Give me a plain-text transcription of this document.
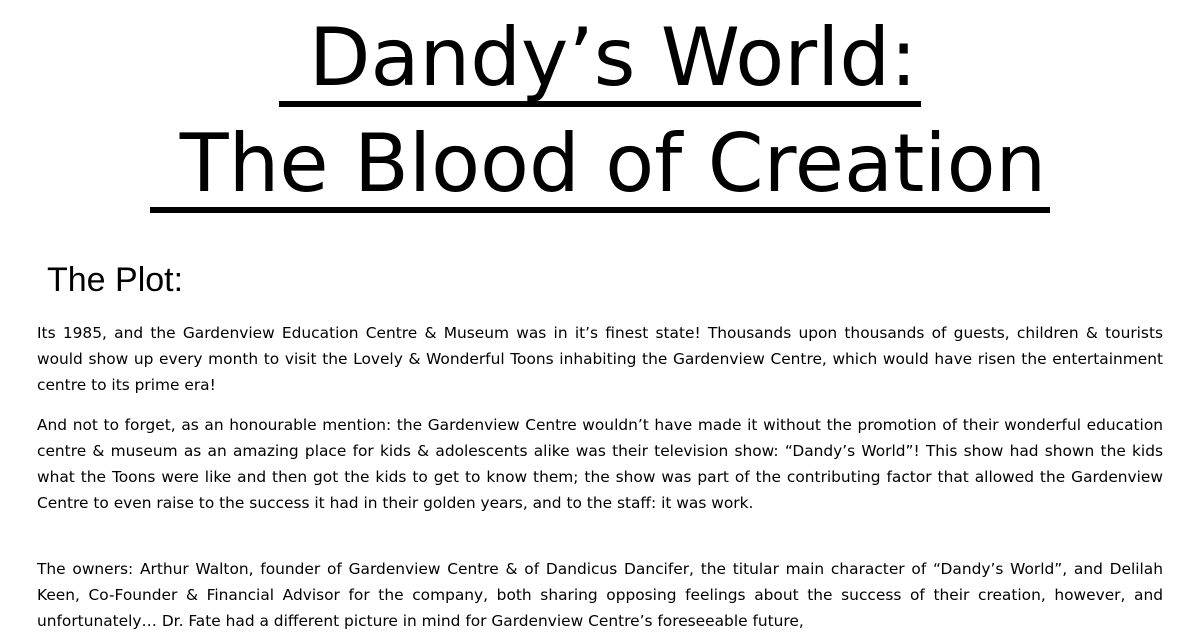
Dandy’s World:
The Blood of Creation
The Plot:

Its 1985, and the Gardenview Education Centre & Museum was in it’s finest state! Thousands upon thousands of guests, children & tourists would show up every month to visit the Lovely & Wonderful Toons inhabiting the Gardenview Centre, which would have risen the entertainment centre to its prime era!

And not to forget, as an honourable mention: the Gardenview Centre wouldn’t have made it without the promotion of their wonderful education centre & museum as an amazing place for kids & adolescents alike was their television show: “Dandy’s World”! This show had shown the kids what the Toons were like and then got the kids to get to know them; the show was part of the contributing factor that allowed the Gardenview Centre to even raise to the success it had in their golden years, and to the staff: it was work.

The owners: Arthur Walton, founder of Gardenview Centre & of Dandicus Dancifer, the titular main character of “Dandy’s World”, and Delilah Keen, Co-Founder & Financial Advisor for the company, both sharing opposing feelings about the success of their creation, however, and unfortunately… Dr. Fate had a different picture in mind for Gardenview Centre’s foreseeable future,
